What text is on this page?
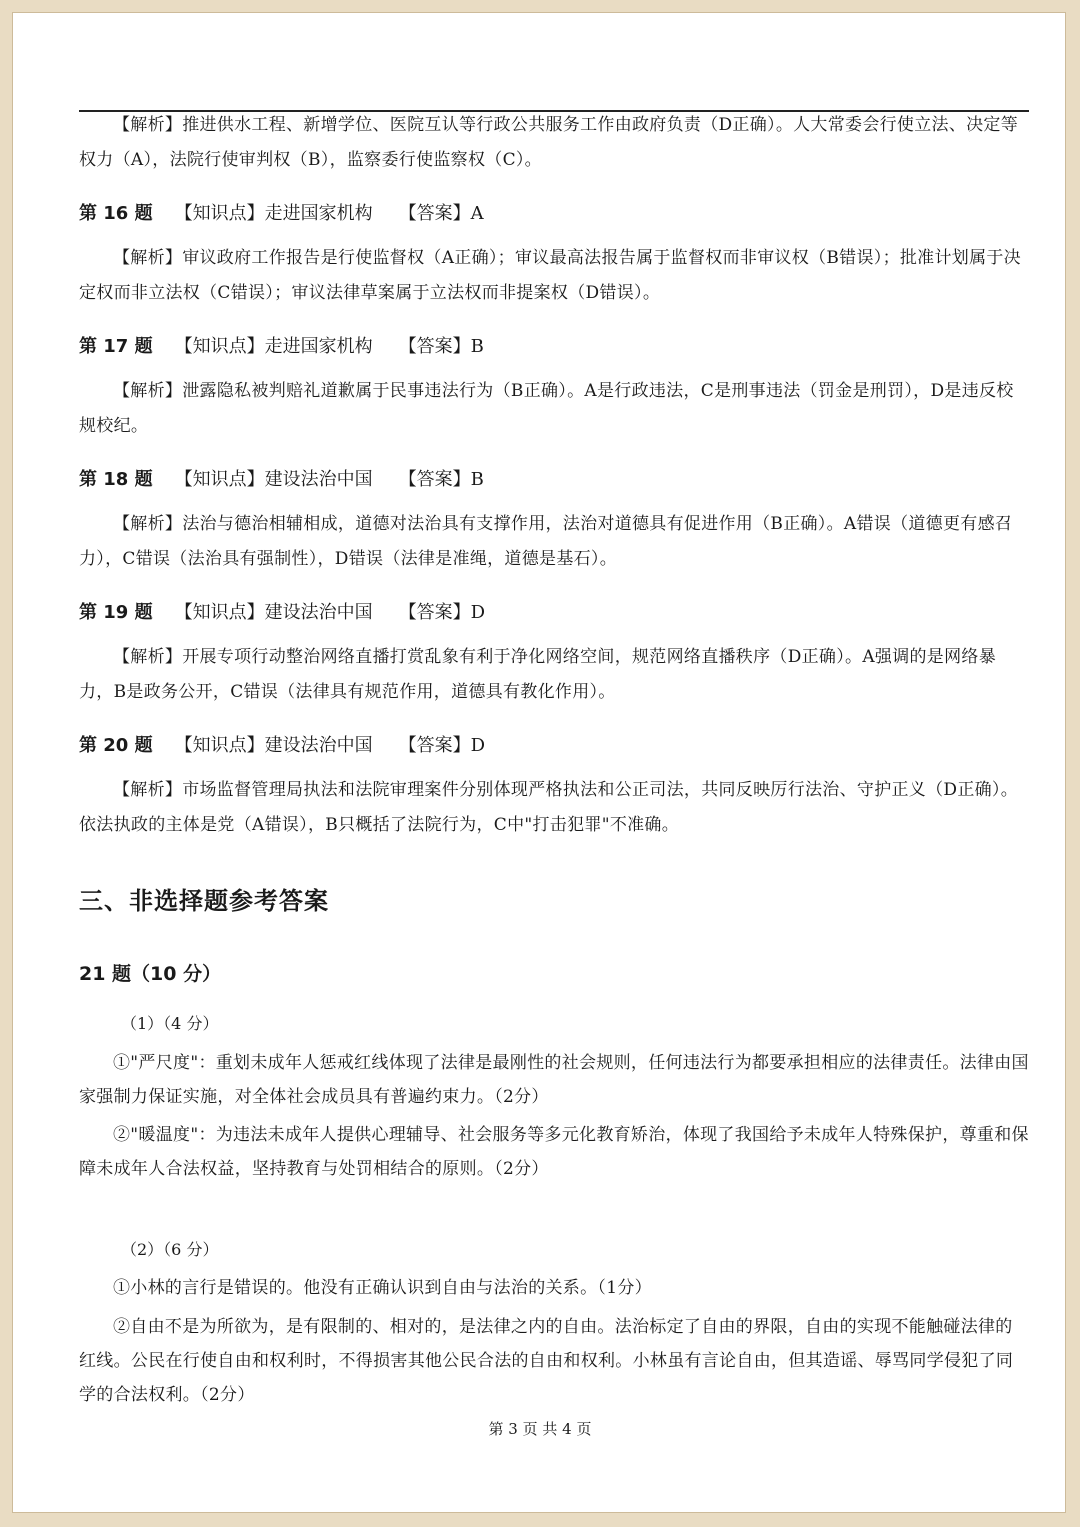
【解析】推进供水工程、新增学位、医院互认等行政公共服务工作由政府负责（D正确）。人大常委会行使立法、决定等权力（A），法院行使审判权（B），监察委行使监察权（C）。
第 16 题 【知识点】走进国家机构 【答案】A
【解析】审议政府工作报告是行使监督权（A正确）；审议最高法报告属于监督权而非审议权（B错误）；批准计划属于决定权而非立法权（C错误）；审议法律草案属于立法权而非提案权（D错误）。
第 17 题 【知识点】走进国家机构 【答案】B
【解析】泄露隐私被判赔礼道歉属于民事违法行为（B正确）。A是行政违法，C是刑事违法（罚金是刑罚），D是违反校规校纪。
第 18 题 【知识点】建设法治中国 【答案】B
【解析】法治与德治相辅相成，道德对法治具有支撑作用，法治对道德具有促进作用（B正确）。A错误（道德更有感召力），C错误（法治具有强制性），D错误（法律是准绳，道德是基石）。
第 19 题 【知识点】建设法治中国 【答案】D
【解析】开展专项行动整治网络直播打赏乱象有利于净化网络空间，规范网络直播秩序（D正确）。A强调的是网络暴力，B是政务公开，C错误（法律具有规范作用，道德具有教化作用）。
第 20 题 【知识点】建设法治中国 【答案】D
【解析】市场监督管理局执法和法院审理案件分别体现严格执法和公正司法，共同反映厉行法治、守护正义（D正确）。依法执政的主体是党（A错误），B只概括了法院行为，C中"打击犯罪"不准确。
三、非选择题参考答案
21 题（10 分）
（1）（4 分）
①"严尺度"：重划未成年人惩戒红线体现了法律是最刚性的社会规则，任何违法行为都要承担相应的法律责任。法律由国家强制力保证实施，对全体社会成员具有普遍约束力。（2分）
②"暖温度"：为违法未成年人提供心理辅导、社会服务等多元化教育矫治，体现了我国给予未成年人特殊保护，尊重和保障未成年人合法权益，坚持教育与处罚相结合的原则。（2分）
（2）（6 分）
①小林的言行是错误的。他没有正确认识到自由与法治的关系。（1分）
②自由不是为所欲为，是有限制的、相对的，是法律之内的自由。法治标定了自由的界限，自由的实现不能触碰法律的红线。公民在行使自由和权利时，不得损害其他公民合法的自由和权利。小林虽有言论自由，但其造谣、辱骂同学侵犯了同学的合法权利。（2分）
第 3 页 共 4 页
